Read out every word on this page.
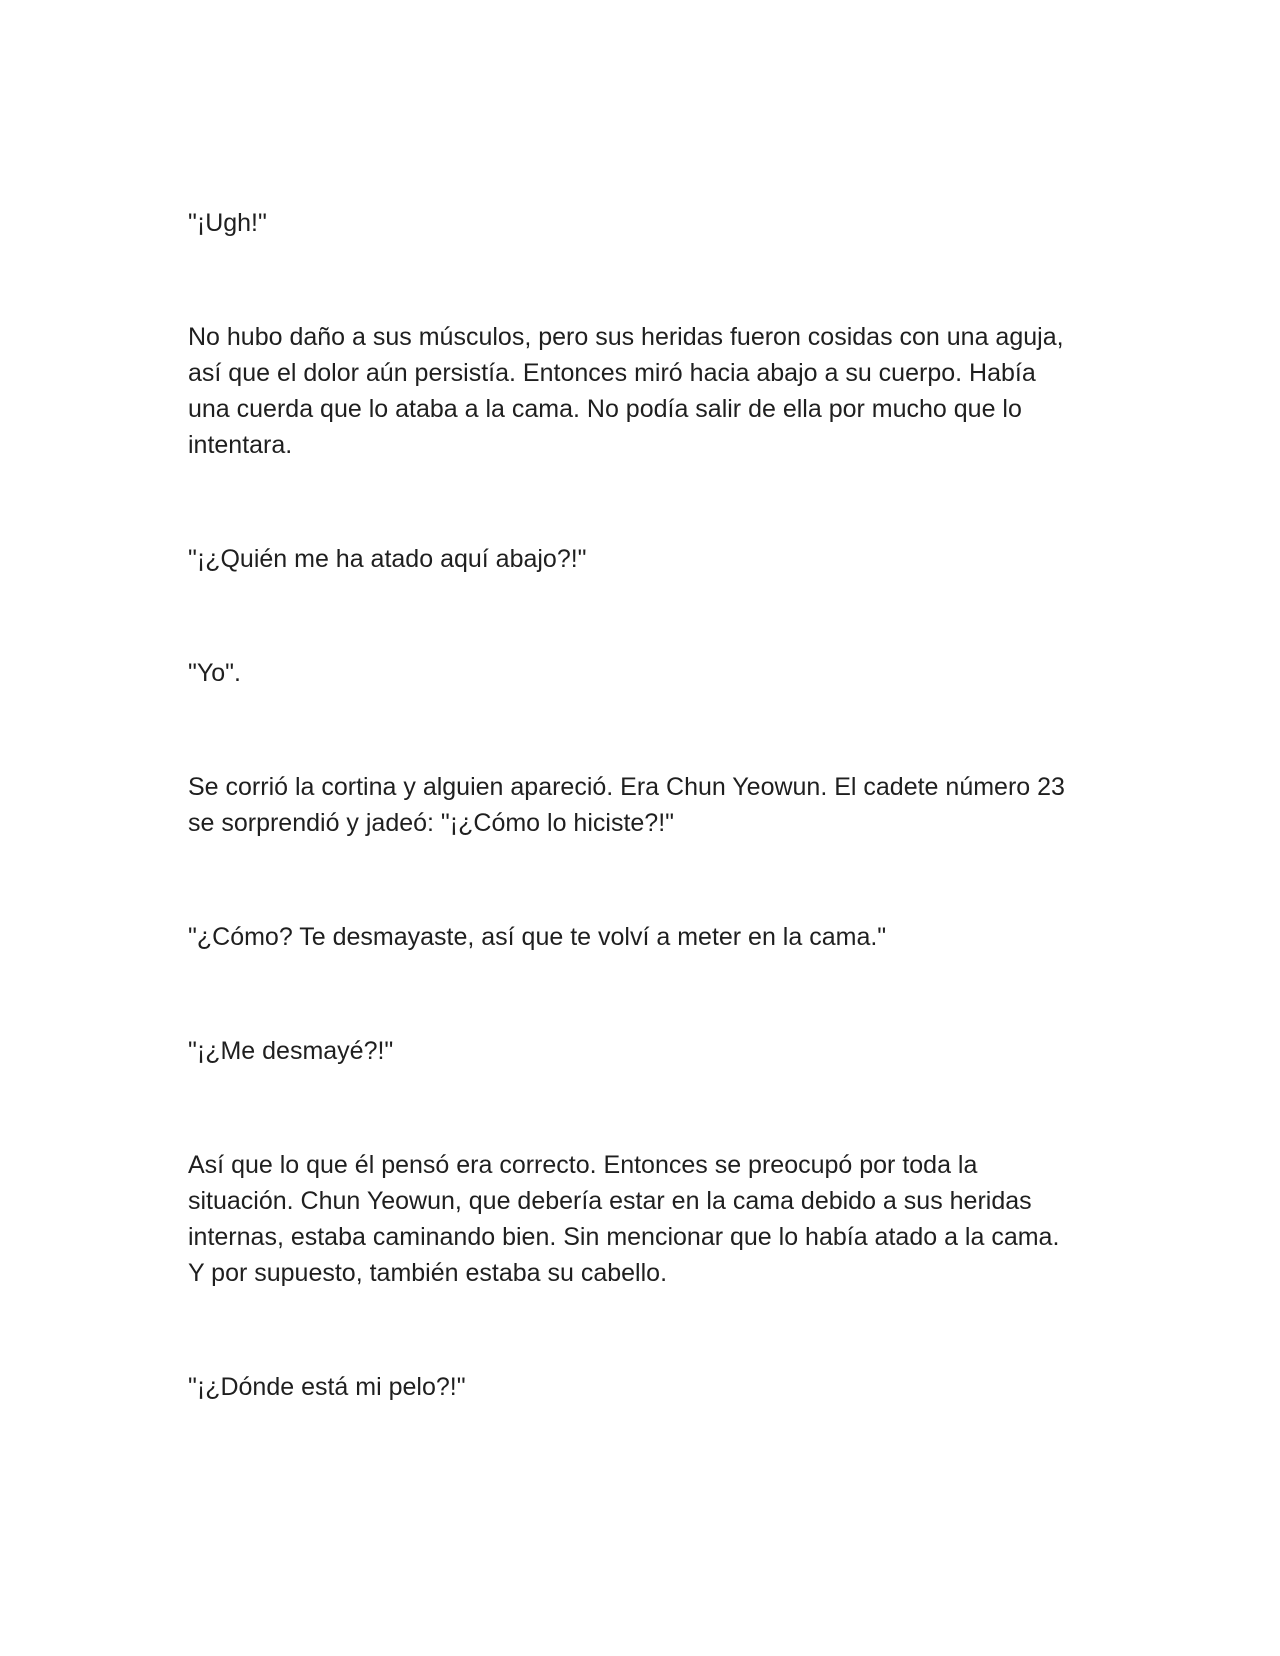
"¡Ugh!"

No hubo daño a sus músculos, pero sus heridas fueron cosidas con una aguja, así que el dolor aún persistía. Entonces miró hacia abajo a su cuerpo. Había una cuerda que lo ataba a la cama. No podía salir de ella por mucho que lo intentara.

"¡¿Quién me ha atado aquí abajo?!"

"Yo".

Se corrió la cortina y alguien apareció. Era Chun Yeowun. El cadete número 23 se sorprendió y jadeó: "¡¿Cómo lo hiciste?!"

"¿Cómo? Te desmayaste, así que te volví a meter en la cama."

"¡¿Me desmayé?!"

Así que lo que él pensó era correcto. Entonces se preocupó por toda la situación. Chun Yeowun, que debería estar en la cama debido a sus heridas internas, estaba caminando bien. Sin mencionar que lo había atado a la cama. Y por supuesto, también estaba su cabello.

"¡¿Dónde está mi pelo?!"
